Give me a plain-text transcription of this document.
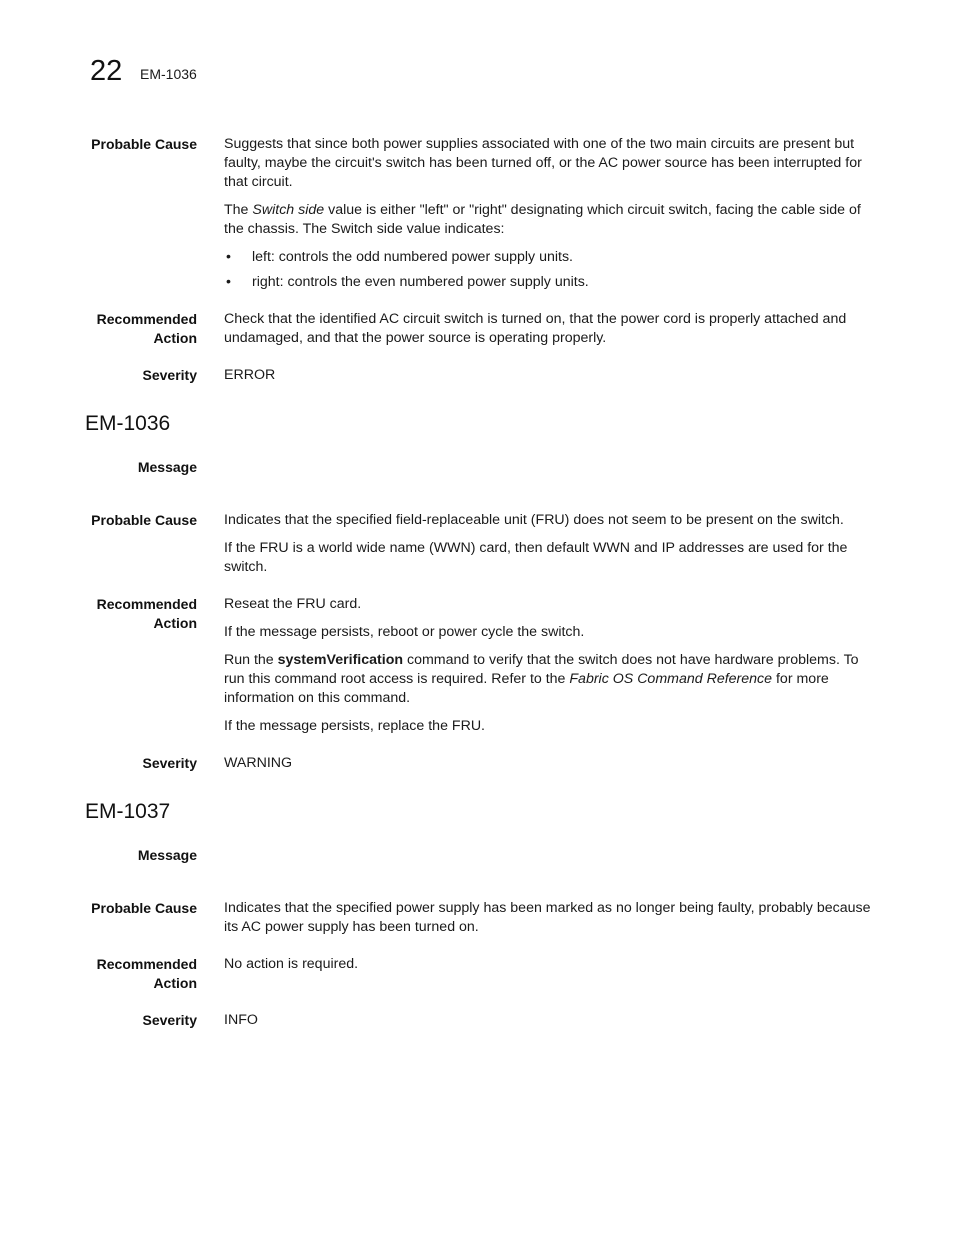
22 EM-1036
Probable Cause Suggests that since both power supplies associated with one of the two main circuits are present but faulty, maybe the circuit's switch has been turned off, or the AC power source has been interrupted for that circuit.

The Switch side value is either "left" or "right" designating which circuit switch, facing the cable side of the chassis. The Switch side value indicates:

• left: controls the odd numbered power supply units.
• right: controls the even numbered power supply units.
Recommended
Action

Check that the identified AC circuit switch is turned on, that the power cord is properly attached and undamaged, and that the power source is operating properly.

Severity ERROR
EM-1036
Message
Probable Cause Indicates that the specified field-replaceable unit (FRU) does not seem to be present on the switch.

If the FRU is a world wide name (WWN) card, then default WWN and IP addresses are used for the switch.

Recommended
Action

Reseat the FRU card.

If the message persists, reboot or power cycle the switch.

Run the systemVerification command to verify that the switch does not have hardware problems. To run this command root access is required. Refer to the Fabric OS Command Reference for more information on this command.

If the message persists, replace the FRU.

Severity WARNING
EM-1037
Message
Probable Cause Indicates that the specified power supply has been marked as no longer being faulty, probably because its AC power supply has been turned on.

Recommended
Action

No action is required.

Severity INFO
